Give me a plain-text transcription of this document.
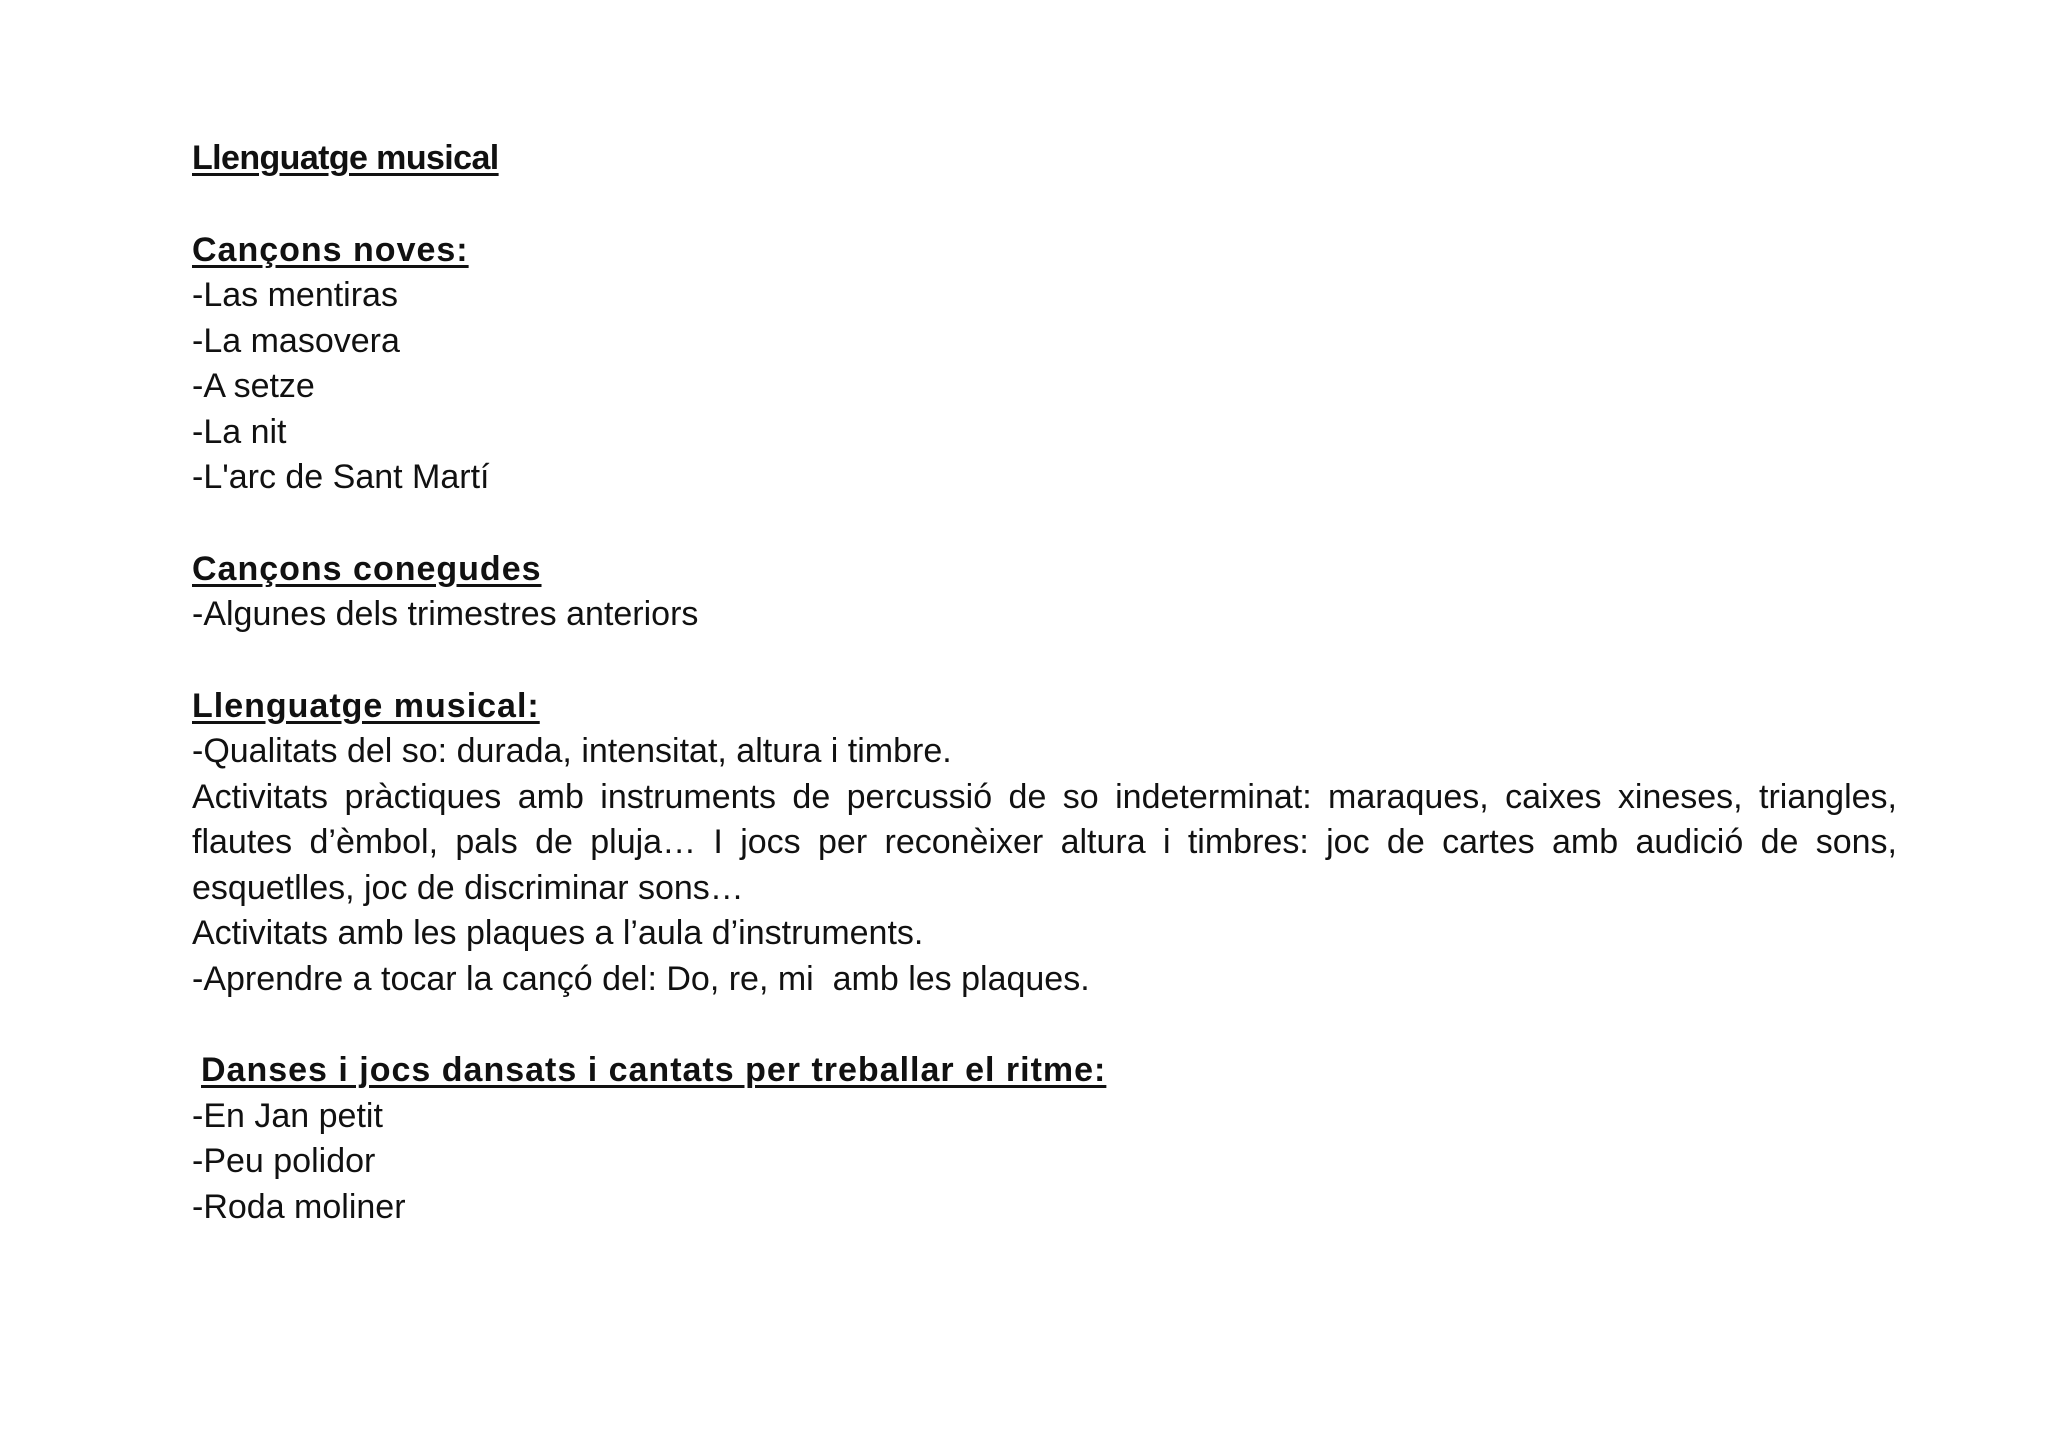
Llenguatge musical
Cançons noves:
-Las mentiras
-La masovera
-A setze
-La nit
-L'arc de Sant Martí
Cançons conegudes
-Algunes dels trimestres anteriors
Llenguatge musical:
-Qualitats del so: durada, intensitat, altura i timbre.
Activitats pràctiques amb instruments de percussió de so indeterminat: maraques, caixes xineses, triangles, flautes d’èmbol, pals de pluja… I jocs per reconèixer altura i timbres: joc de cartes amb audició de sons, esquetlles, joc de discriminar sons…
Activitats amb les plaques a l’aula d’instruments.
-Aprendre a tocar la cançó del: Do, re, mi  amb les plaques.
Danses i jocs dansats i cantats per treballar el ritme:
-En Jan petit
-Peu polidor
-Roda moliner
